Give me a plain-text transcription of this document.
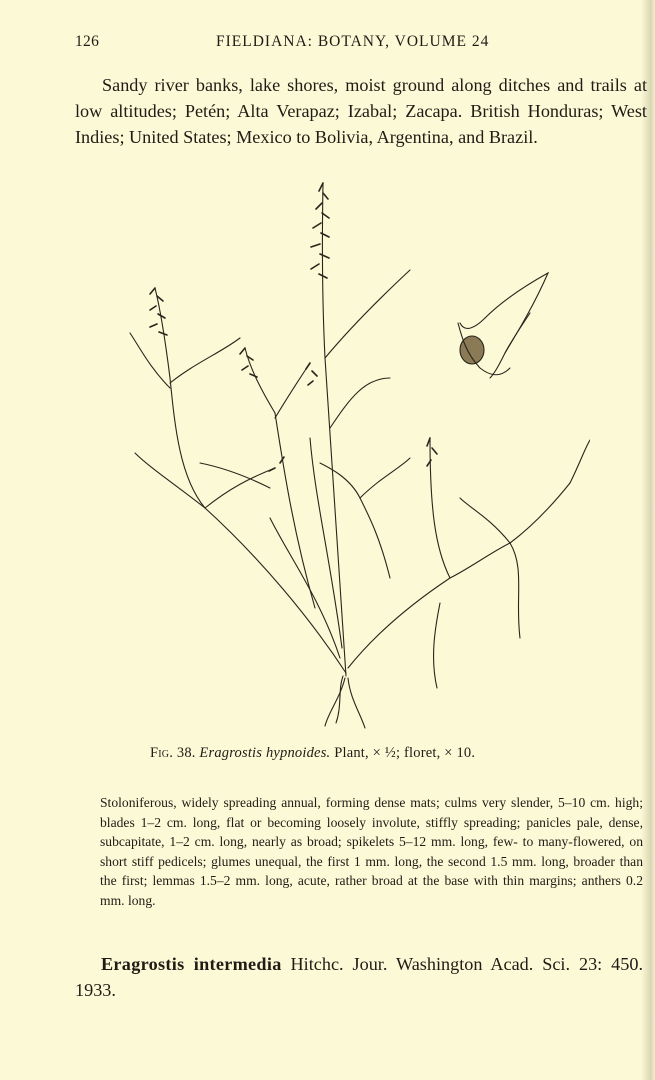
126	FIELDIANA: BOTANY, VOLUME 24

Sandy river banks, lake shores, moist ground along ditches and trails at low altitudes; Petén; Alta Verapaz; Izabal; Zacapa. British Honduras; West Indies; United States; Mexico to Bolivia, Argentina, and Brazil.

Fig. 38. Eragrostis hypnoides. Plant, × ½; floret, × 10.

Stoloniferous, widely spreading annual, forming dense mats; culms very slender, 5–10 cm. high; blades 1–2 cm. long, flat or becoming loosely involute, stiffly spreading; panicles pale, dense, subcapitate, 1–2 cm. long, nearly as broad; spikelets 5–12 mm. long, few- to many-flowered, on short stiff pedicels; glumes unequal, the first 1 mm. long, the second 1.5 mm. long, broader than the first; lemmas 1.5–2 mm. long, acute, rather broad at the base with thin margins; anthers 0.2 mm. long.

Eragrostis intermedia Hitchc. Jour. Washington Acad. Sci. 23: 450. 1933.
